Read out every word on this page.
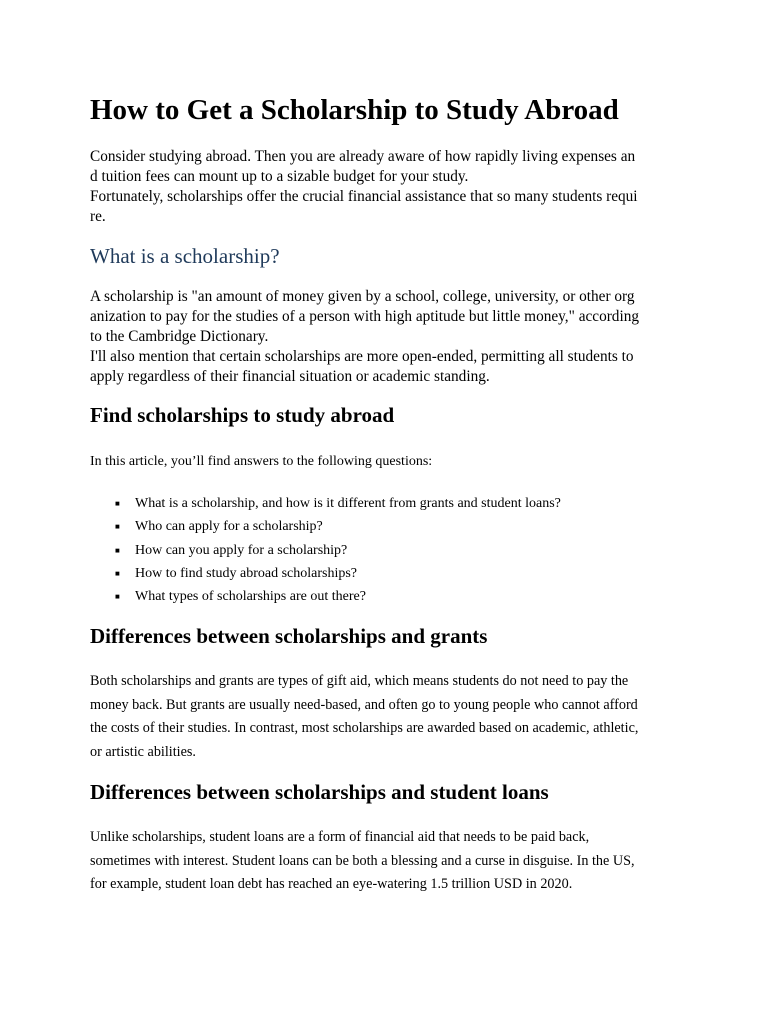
How to Get a Scholarship to Study Abroad

Consider studying abroad. Then you are already aware of how rapidly living expenses an
d tuition fees can mount up to a sizable budget for your study.
Fortunately, scholarships offer the crucial financial assistance that so many students requi
re.

What is a scholarship?

A scholarship is "an amount of money given by a school, college, university, or other org
anization to pay for the studies of a person with high aptitude but little money," according
to the Cambridge Dictionary.
I'll also mention that certain scholarships are more open-ended, permitting all students to
apply regardless of their financial situation or academic standing.

Find scholarships to study abroad

In this article, you’ll find answers to the following questions:

■ What is a scholarship, and how is it different from grants and student loans?
■ Who can apply for a scholarship?
■ How can you apply for a scholarship?
■ How to find study abroad scholarships?
■ What types of scholarships are out there?
Differences between scholarships and grants

Both scholarships and grants are types of gift aid, which means students do not need to pay the
money back. But grants are usually need-based, and often go to young people who cannot afford
the costs of their studies. In contrast, most scholarships are awarded based on academic, athletic,
or artistic abilities.

Differences between scholarships and student loans

Unlike scholarships, student loans are a form of financial aid that needs to be paid back,
sometimes with interest. Student loans can be both a blessing and a curse in disguise. In the US,
for example, student loan debt has reached an eye-watering 1.5 trillion USD in 2020.
